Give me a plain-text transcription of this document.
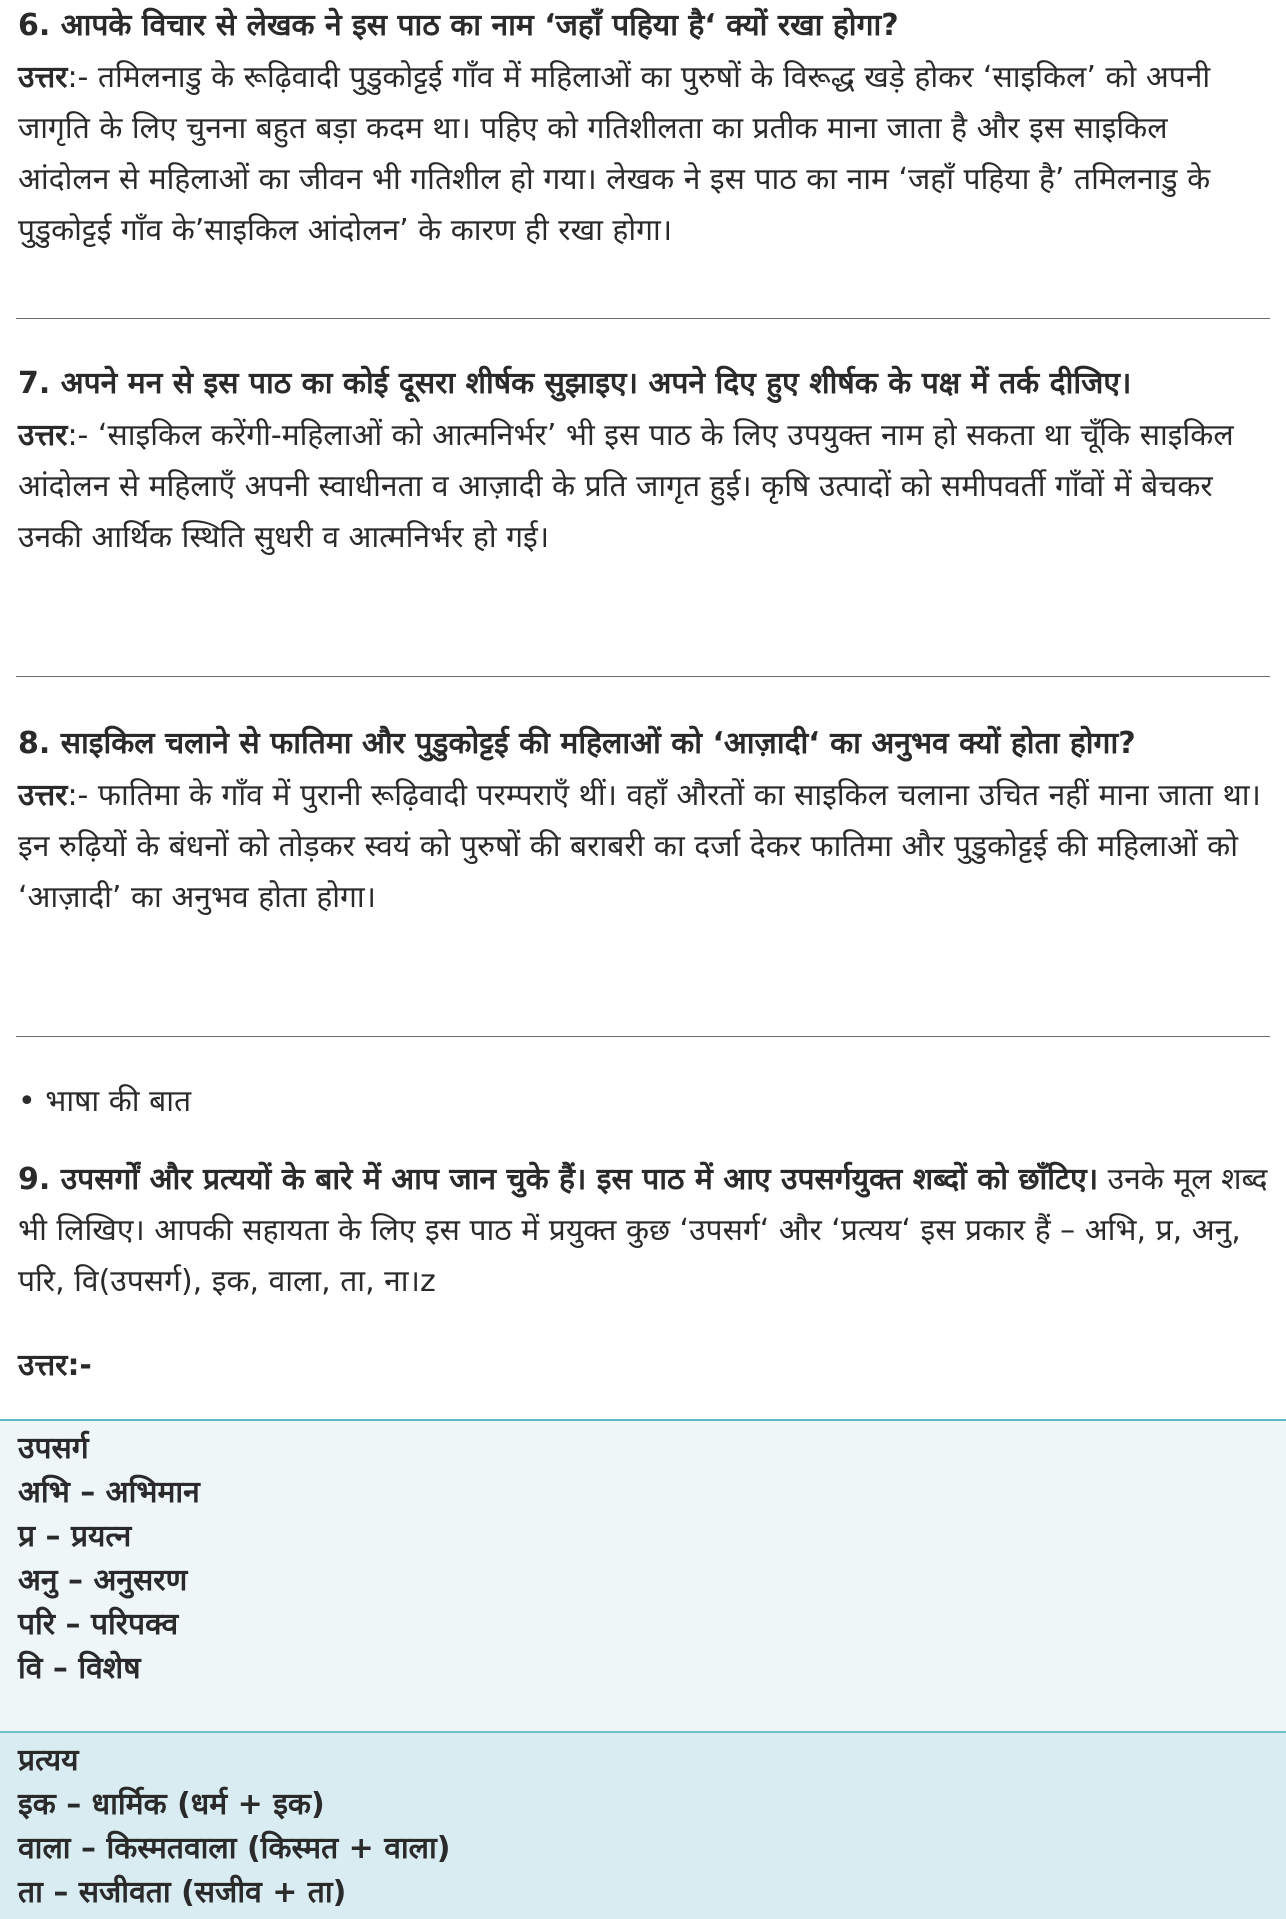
6. आपके विचार से लेखक ने इस पाठ का नाम ‘जहाँ पहिया है‘ क्यों रखा होगा?

उत्तर:- तमिलनाडु के रूढ़िवादी पुडुकोट्टई गाँव में महिलाओं का पुरुषों के विरूद्ध खड़े होकर ‘साइकिल’ को अपनी जागृति के लिए चुनना बहुत बड़ा कदम था। पहिए को गतिशीलता का प्रतीक माना जाता है और इस साइकिल आंदोलन से महिलाओं का जीवन भी गतिशील हो गया। लेखक ने इस पाठ का नाम ‘जहाँ पहिया है’ तमिलनाडु के पुडुकोट्टई गाँव के’साइकिल आंदोलन’ के कारण ही रखा होगा।

7. अपने मन से इस पाठ का कोई दूसरा शीर्षक सुझाइए। अपने दिए हुए शीर्षक के पक्ष में तर्क दीजिए।

उत्तर:- ‘साइकिल करेंगी-महिलाओं को आत्मनिर्भर’ भी इस पाठ के लिए उपयुक्त नाम हो सकता था चूँकि साइकिल आंदोलन से महिलाएँ अपनी स्वाधीनता व आज़ादी के प्रति जागृत हुई। कृषि उत्पादों को समीपवर्ती गाँवों में बेचकर उनकी आर्थिक स्थिति सुधरी व आत्मनिर्भर हो गई।

8. साइकिल चलाने से फातिमा और पुडुकोट्टई की महिलाओं को ‘आज़ादी‘ का अनुभव क्यों होता होगा?

उत्तर:- फातिमा के गाँव में पुरानी रूढ़िवादी परम्पराएँ थीं। वहाँ औरतों का साइकिल चलाना उचित नहीं माना जाता था। इन रुढ़ियों के बंधनों को तोड़कर स्वयं को पुरुषों की बराबरी का दर्जा देकर फातिमा और पुडुकोट्टई की महिलाओं को ‘आज़ादी’ का अनुभव होता होगा।

• भाषा की बात

9. उपसर्गों और प्रत्ययों के बारे में आप जान चुके हैं। इस पाठ में आए उपसर्गयुक्त शब्दों को छाँटिए। उनके मूल शब्द भी लिखिए। आपकी सहायता के लिए इस पाठ में प्रयुक्त कुछ ‘उपसर्ग‘ और ‘प्रत्यय‘ इस प्रकार हैं – अभि, प्र, अनु, परि, वि(उपसर्ग), इक, वाला, ता, ना।z

उत्तर:-
उपसर्ग
अभि – अभिमान
प्र – प्रयत्न
अनु – अनुसरण
परि – परिपक्व
वि – विशेष
प्रत्यय
इक – धार्मिक (धर्म + इक)
वाला – किस्मतवाला (किस्मत + वाला)
ता – सजीवता (सजीव + ता)
